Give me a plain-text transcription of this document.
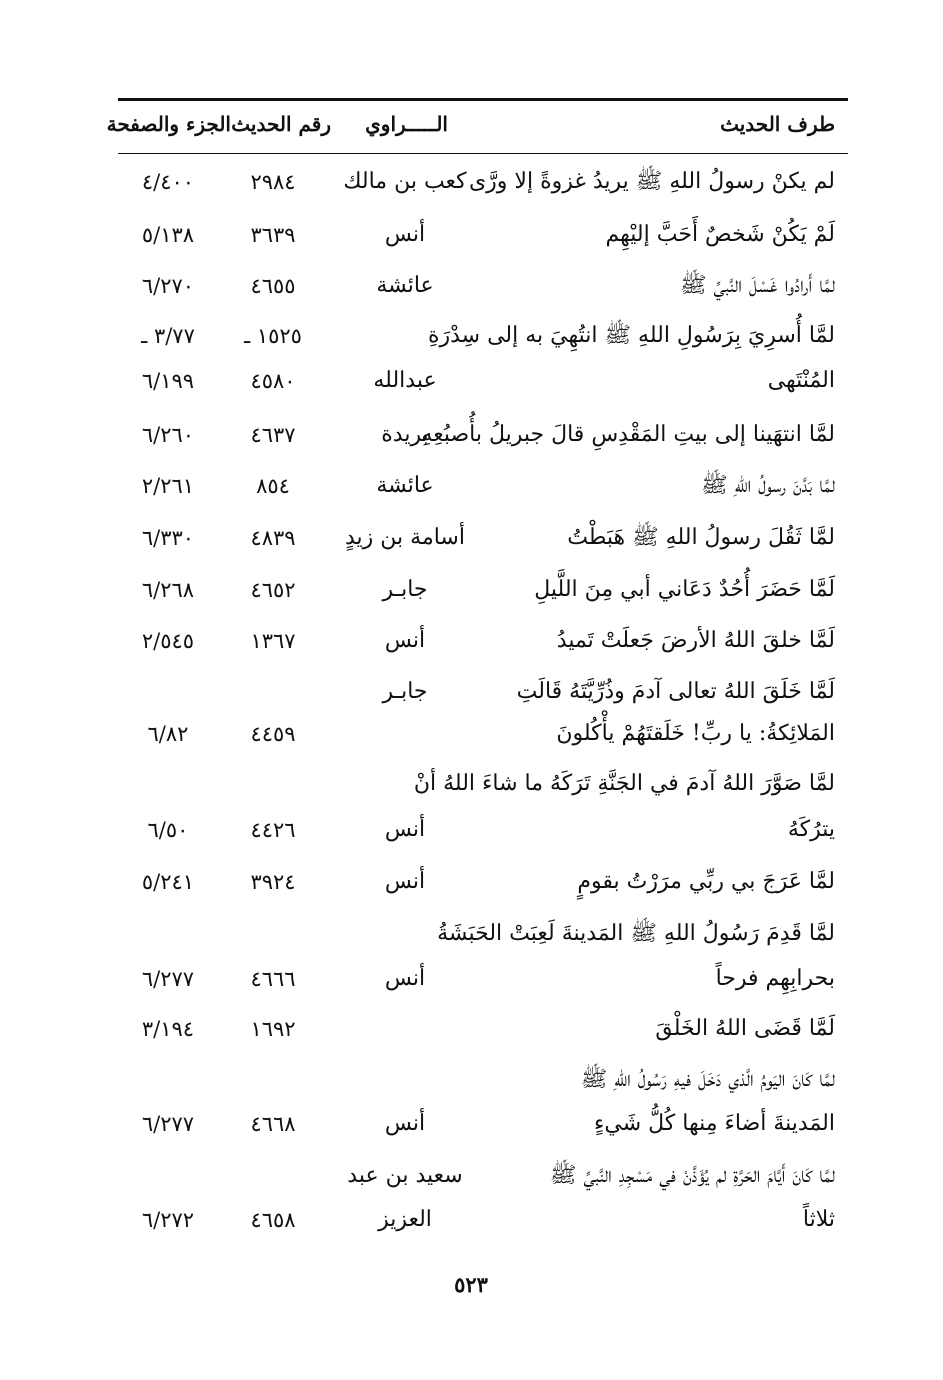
طرف الحديث
الـــــراوي
رقم الحديث
الجزء والصفحة
لم يكنْ رسولُ اللهِ ﷺ يريدُ غزوةً إلا ورَّى
لَمْ يَكُنْ شَخصٌ أَحَبَّ إليْهِم
لمَّا أَرادُوا غَسْلَ النَّبيِّ ﷺ
لمَّا أُسرِيَ بِرَسُولِ اللهِ ﷺ انتُهِيَ به إلى سِدْرَةِ
المُنْتَهى
لمَّا انتهَينا إلى بيتِ المَقْدِسِ قالَ جبريلُ بأُصبُعِهِ
لمَّا بَدَّنَ رسولُ اللهِ ﷺ
لمَّا ثَقُلَ رسولُ اللهِ ﷺ هَبَطْتُ
لَمَّا حَضَرَ أُحُدٌ دَعَاني أبي مِنَ اللَّيلِ
لَمَّا خلقَ اللهُ الأرضَ جَعلَتْ تَميدُ
لَمَّا خَلَقَ اللهُ تعالى آدمَ وذُرِّيَّتَهُ قَالَتِ
المَلائِكةُ: يا ربِّ! خَلَقتَهُمْ يأْكُلونَ
لمَّا صَوَّرَ اللهُ آدمَ في الجَنَّةِ تَرَكَهُ ما شاءَ اللهُ أنْ
يترُكَهُ
لمَّا عَرَجَ بي ربِّي مرَرْتُ بقومٍ
لمَّا قَدِمَ رَسُولُ اللهِ ﷺ المَدينةَ لَعِبَتْ الحَبَشَةُ
بحرابِهِم فرحاً
لَمَّا قَضَى اللهُ الخَلْقَ
لمَّا كَانَ اليَومُ الَّذي دَخَلَ فيهِ رَسُولُ اللهِ ﷺ
المَدينةَ أضاءَ مِنها كُلُّ شَيءٍ
لمَّا كَانَ أَيَّامَ الحَرَّةِ لم يُؤَذَّنْ في مَسْجِدِ النَّبيِّ ﷺ
ثلاثاً
كعب بن مالك
أنس
عائشة
عبدالله
بريدة
عائشة
أسامة بن زيدٍ
جابـر
أنس
جابـر
أنس
أنس
أنس
أنس
سعيد بن عبد
العزيز
٢٩٨٤
٣٦٣٩
٤٦٥٥
١٥٢٥ ـ
٤٥٨٠
٤٦٣٧
٨٥٤
٤٨٣٩
٤٦٥٢
١٣٦٧
٤٤٥٩
٤٤٢٦
٣٩٢٤
٤٦٦٦
١٦٩٢
٤٦٦٨
٤٦٥٨
٤/٤٠٠
٥/١٣٨
٦/٢٧٠
٣/٧٧ ـ
٦/١٩٩
٦/٢٦٠
٢/٢٦١
٦/٣٣٠
٦/٢٦٨
٢/٥٤٥
٦/٨٢
٦/٥٠
٥/٢٤١
٦/٢٧٧
٣/١٩٤
٦/٢٧٧
٦/٢٧٢
٥٢٣
